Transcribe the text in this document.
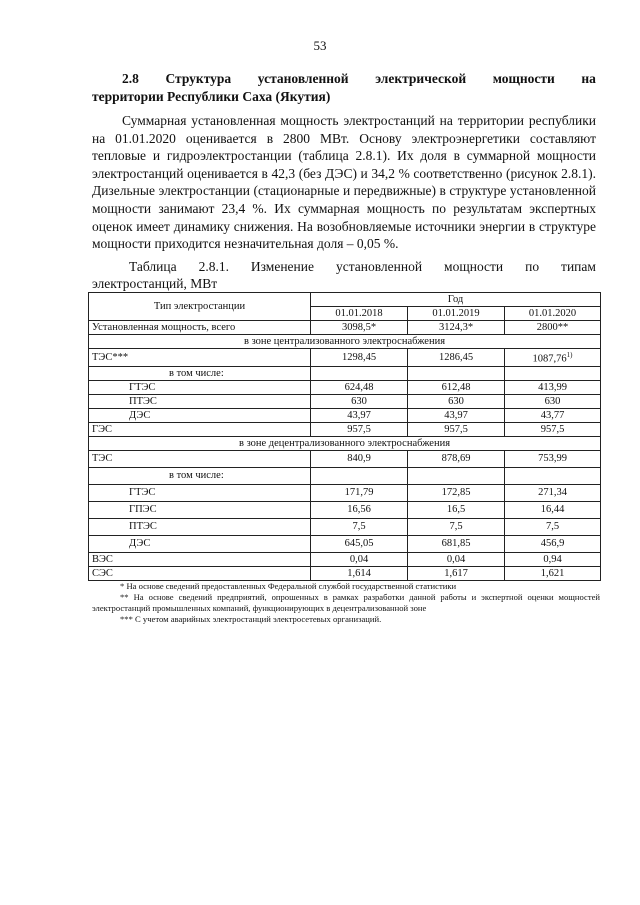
53
2.8 Структура установленной электрической мощности на
территории Республики Саха (Якутия)

Суммарная установленная мощность электростанций на территории республики на 01.01.2020 оценивается в 2800 МВт. Основу электроэнергетики составляют тепловые и гидроэлектростанции (таблица 2.8.1). Их доля в суммарной мощности электростанций оценивается в 42,3 (без ДЭС) и 34,2 % соответственно (рисунок 2.8.1). Дизельные электростанции (стационарные и передвижные) в структуре установленной мощности занимают 23,4 %. Их суммарная мощность по результатам экспертных оценок имеет динамику снижения. На возобновляемые источники энергии в структуре мощности приходится незначительная доля – 0,05 %.

Таблица 2.8.1. Изменение установленной мощности по типам
электростанций, МВт
Тип электростанции	Год		
	01.01.2018	01.01.2019	01.01.2020
Установленная мощность, всего	3098,5*	3124,3*	2800**
в зоне централизованного электроснабжения			
ТЭС***	1298,45	1286,45	1087,76$^{1)}$
в том числе:			
ГТЭС	624,48	612,48	413,99
ПТЭС	630	630	630
ДЭС	43,97	43,97	43,77
ГЭС	957,5	957,5	957,5
в зоне децентрализованного электроснабжения			
ТЭС	840,9	878,69	753,99
в том числе:			
ГТЭС	171,79	172,85	271,34
ГПЭС	16,56	16,5	16,44
ПТЭС	7,5	7,5	7,5
ДЭС	645,05	681,85	456,9
ВЭС	0,04	0,04	0,94
СЭС	1,614	1,617	1,621

* На основе сведений предоставленных Федеральной службой государственной статистики

** На основе сведений предприятий, опрошенных в рамках разработки данной работы и экспертной оценки мощностей электростанций промышленных компаний, функционирующих в децентрализованной зоне

*** С учетом аварийных электростанций электросетевых организаций.
